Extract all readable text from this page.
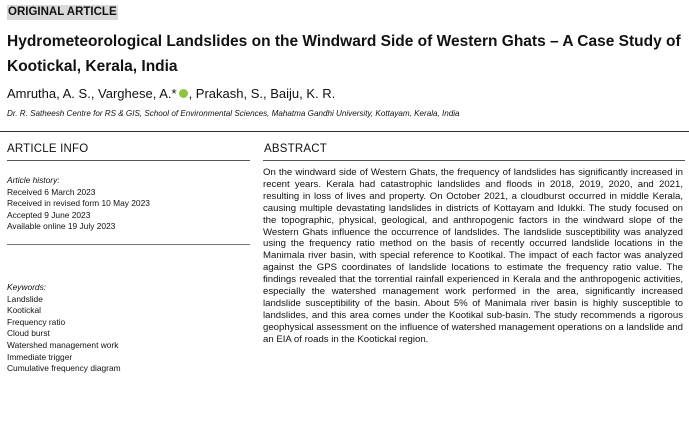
ORIGINAL ARTICLE
Hydrometeorological Landslides on the Windward Side of Western Ghats – A Case Study of Kootickal, Kerala, India
Amrutha, A. S., Varghese, A.* , Prakash, S., Baiju, K. R.
Dr. R. Satheesh Centre for RS & GIS, School of Environmental Sciences, Mahatma Gandhi University, Kottayam, Kerala, India
ARTICLE INFO	ABSTRACT
Article history:
Received 6 March 2023
Received in revised form 10 May 2023
Accepted 9 June 2023
Available online 19 July 2023
Keywords:
Landslide
Kootickal
Frequency ratio
Cloud burst
Watershed management work
Immediate trigger
Cumulative frequency diagram

On the windward side of Western Ghats, the frequency of landslides has significantly increased in recent years. Kerala had catastrophic landslides and floods in 2018, 2019, 2020, and 2021, resulting in loss of lives and property. On October 2021, a cloudburst occurred in middle Kerala, causing multiple devastating landslides in districts of Kottayam and Idukki. The study focused on the topographic, physical, geological, and anthropogenic factors in the windward slope of the Western Ghats influence the occurrence of landslides. The landslide susceptibility was analyzed using the frequency ratio method on the basis of recently occurred landslide locations in the Manimala river basin, with special reference to Kootikal. The impact of each factor was analyzed against the GPS coordinates of landslide locations to estimate the frequency ratio value. The findings revealed that the torrential rainfall experienced in Kerala and the anthropogenic activities, especially the watershed management work performed in the area, significantly increased landslide susceptibility of the basin. About 5% of Manimala river basin is highly susceptible to landslides, and this area comes under the Kootikal sub-basin. The study recommends a rigorous geophysical assessment on the influence of watershed management operations on a landslide and an EIA of roads in the Kootickal region.
